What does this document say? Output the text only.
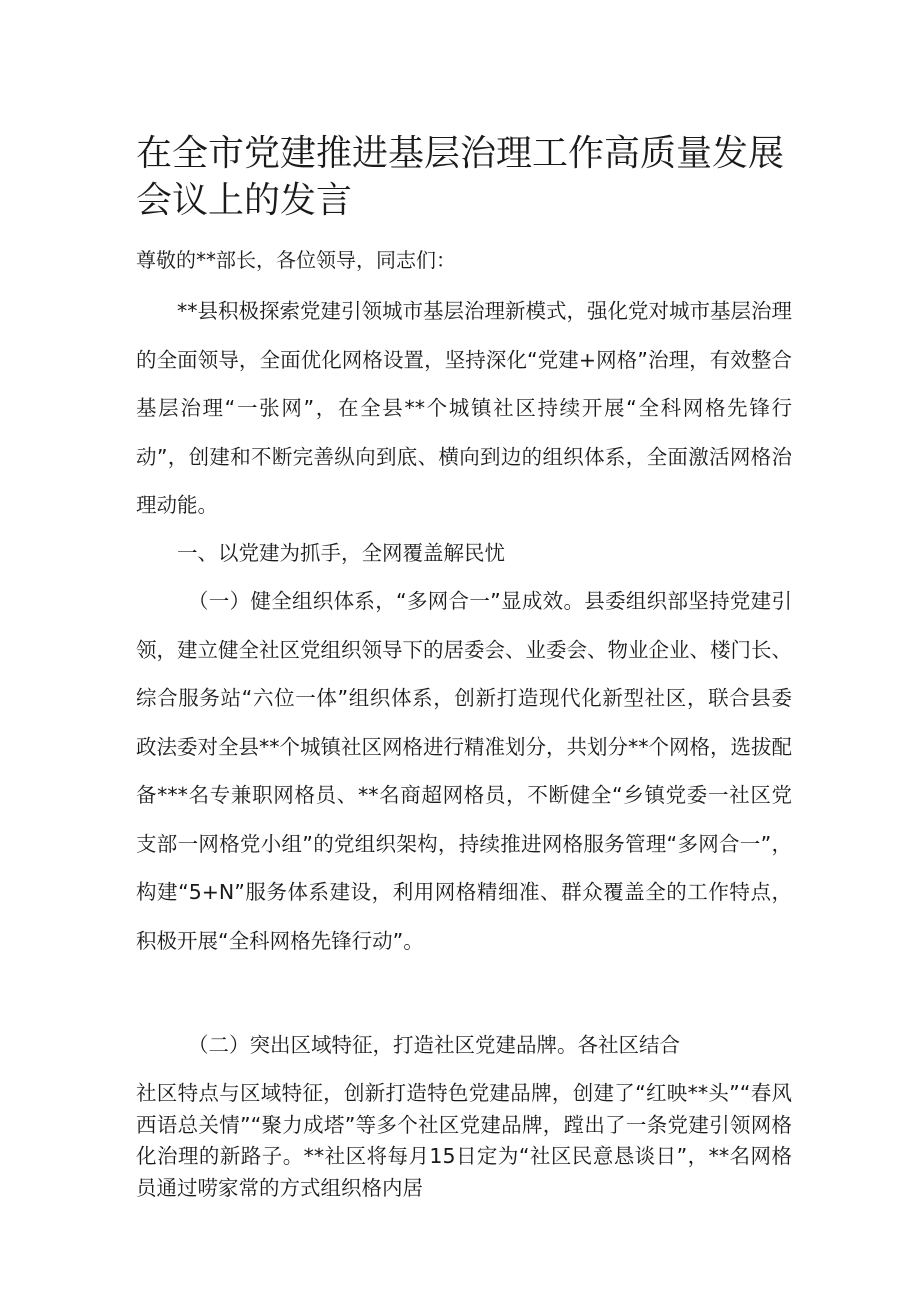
在全市党建推进基层治理工作高质量发展会议上的发言

尊敬的**部长，各位领导，同志们：

**县积极探索党建引领城市基层治理新模式，强化党对城市基层治理的全面领导，全面优化网格设置，坚持深化“党建+网格”治理，有效整合基层治理“一张网”，在全县**个城镇社区持续开展“全科网格先锋行动”，创建和不断完善纵向到底、横向到边的组织体系，全面激活网格治理动能。

一、以党建为抓手，全网覆盖解民忧

（一）健全组织体系，“多网合一”显成效。县委组织部坚持党建引领，建立健全社区党组织领导下的居委会、业委会、物业企业、楼门长、综合服务站“六位一体”组织体系，创新打造现代化新型社区，联合县委政法委对全县**个城镇社区网格进行精准划分，共划分**个网格，选拔配备***名专兼职网格员、**名商超网格员，不断健全“乡镇党委一社区党支部一网格党小组”的党组织架构，持续推进网格服务管理“多网合一”，构建“5+N”服务体系建设，利用网格精细准、群众覆盖全的工作特点，积极开展“全科网格先锋行动”。

（二）突出区域特征，打造社区党建品牌。各社区结合

社区特点与区域特征，创新打造特色党建品牌，创建了“红映**头”“春风西语总关情”“聚力成塔”等多个社区党建品牌，蹚出了一条党建引领网格化治理的新路子。**社区将每月15日定为“社区民意恳谈日”，**名网格员通过唠家常的方式组织格内居
